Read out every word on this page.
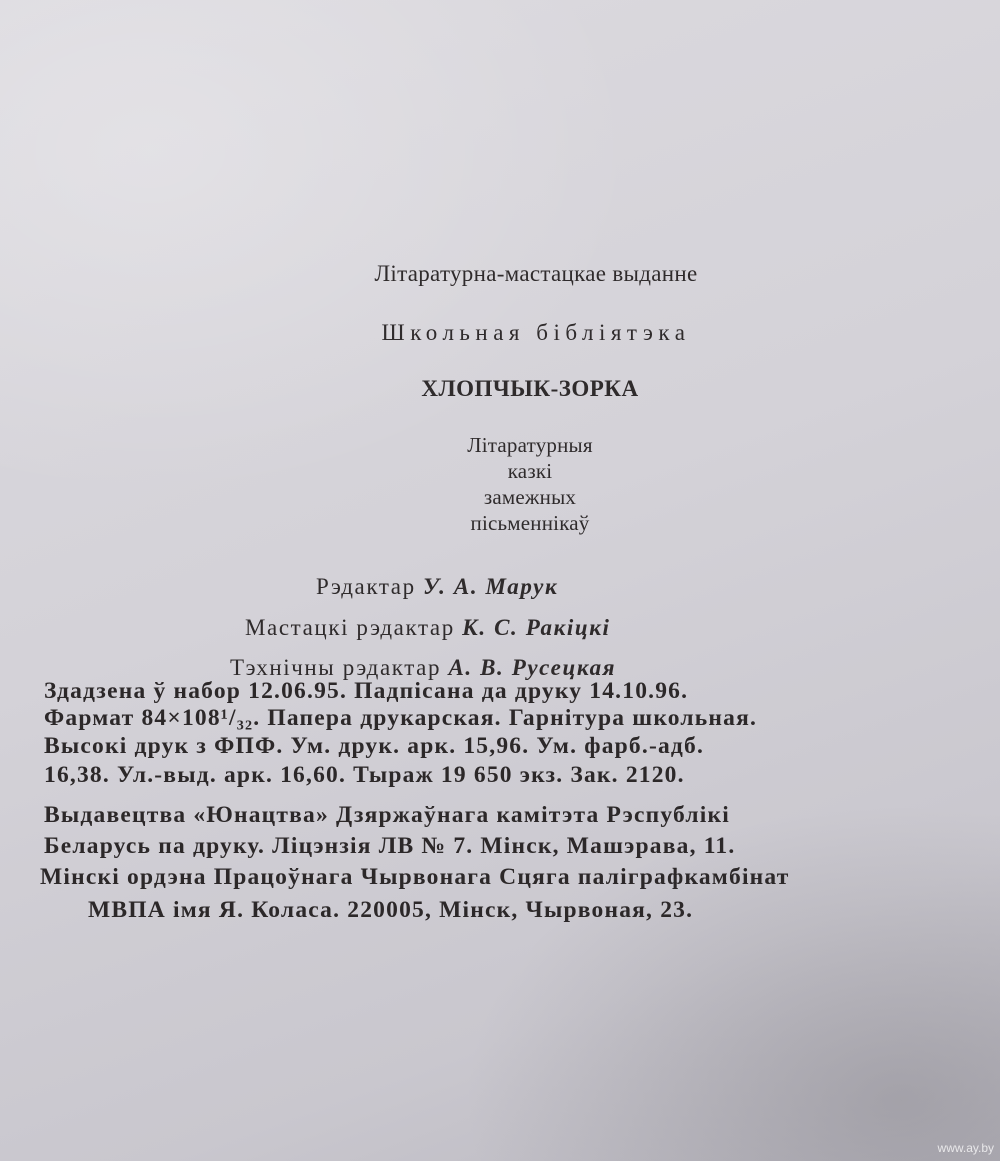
Літаратурна-мастацкае выданне

Школьная бібліятэка

ХЛОПЧЫК-ЗОРКА

Літаратурныя

казкі

замежных

пісьменнікаў

Рэдактар У. А. Марук

Мастацкі рэдактар К. С. Ракіцкі

Тэхнічны рэдактар А. В. Русецкая

Здадзена ў набор 12.06.95. Падпісана да друку 14.10.96.

Фармат 84×108¹/₃₂. Папера друкарская. Гарнітура школьная.

Высокі друк з ФПФ. Ум. друк. арк. 15,96. Ум. фарб.-адб.

16,38. Ул.-выд. арк. 16,60. Тыраж 19 650 экз. Зак. 2120.

Выдавецтва «Юнацтва» Дзяржаўнага камітэта Рэспублікі

Беларусь па друку. Ліцэнзія ЛВ № 7. Мінск, Машэрава, 11.

Мінскі ордэна Працоўнага Чырвонага Сцяга паліграфкамбінат

МВПА імя Я. Коласа. 220005, Мінск, Чырвоная, 23.

www.ay.by
